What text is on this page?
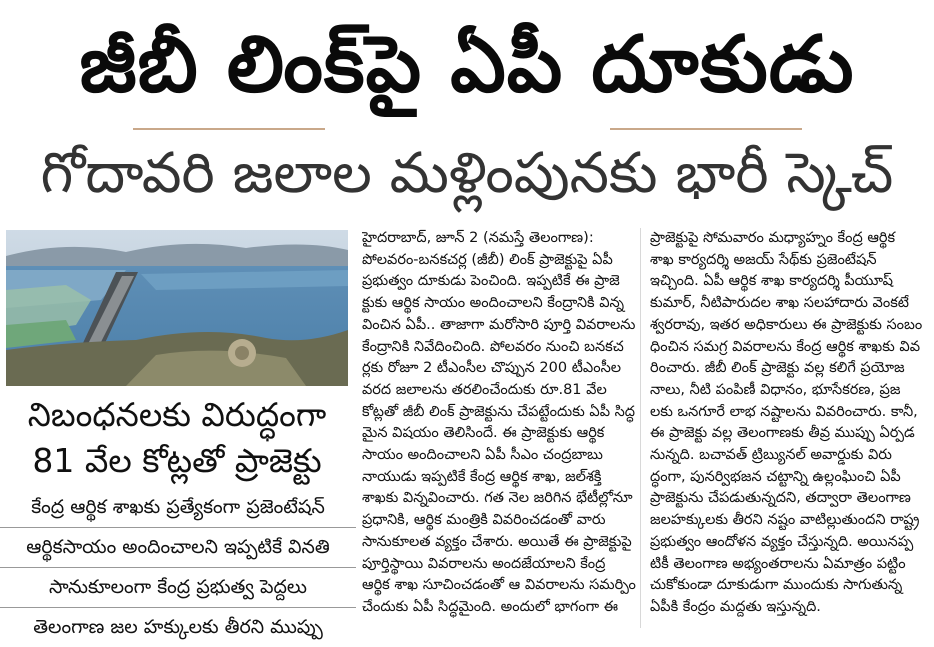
జీబీ లింక్‌పై ఏపీ దూకుడు
గోదావరి జలాల మళ్లింపునకు భారీ స్కెచ్
నిబంధనలకు విరుద్ధంగా
81 వేల కోట్లతో ప్రాజెక్టు
కేంద్ర ఆర్థిక శాఖకు ప్రత్యేకంగా ప్రజెంటేషన్
ఆర్థికసాయం అందించాలని ఇప్పటికే వినతి
సానుకూలంగా కేంద్ర ప్రభుత్వ పెద్దలు
తెలంగాణ జల హక్కులకు తీరని ముప్పు
హైదరాబాద్, జూన్ 2 (నమస్తే తెలంగాణ):
పోలవరం-బనకచర్ల (జీబీ) లింక్ ప్రాజెక్టుపై ఏపీ
ప్రభుత్వం దూకుడు పెంచింది. ఇప్పటికే ఈ ప్రాజె
క్టుకు ఆర్థిక సాయం అందించాలని కేంద్రానికి విన్న
వించిన ఏపీ.. తాజాగా మరోసారి పూర్తి వివరాలను
కేంద్రానికి నివేదించింది. పోలవరం నుంచి బనకచ
ర్లకు రోజూ 2 టీఎంసీల చొప్పున 200 టీఎంసీల
వరద జలాలను తరలించేందుకు రూ.81 వేల
కోట్లతో జీబీ లింక్ ప్రాజెక్టును చేపట్టేందుకు ఏపీ సిద్ధ
మైన విషయం తెలిసిందే. ఈ ప్రాజెక్టుకు ఆర్థిక
సాయం అందించాలని ఏపీ సీఎం చంద్రబాబు
నాయుడు ఇప్పటికే కేంద్ర ఆర్థిక శాఖ, జల్‌శక్తి
శాఖకు విన్నవించారు. గత నెల జరిగిన భేటీల్లోనూ
ప్రధానికి, ఆర్థిక మంత్రికి వివరించడంతో వారు
సానుకూలత వ్యక్తం చేశారు. అయితే ఈ ప్రాజెక్టుపై
పూర్తిస్థాయి వివరాలను అందజేయాలని కేంద్ర
ఆర్థిక శాఖ సూచించడంతో ఆ వివరాలను సమర్పిం
చేందుకు ఏపీ సిద్ధమైంది. అందులో భాగంగా ఈ
ప్రాజెక్టుపై సోమవారం మధ్యాహ్నం కేంద్ర ఆర్థిక
శాఖ కార్యదర్శి అజయ్ సేథ్‌కు ప్రజెంటేషన్
ఇచ్చింది. ఏపీ ఆర్థిక శాఖ కార్యదర్శి పీయూష్
కుమార్, నీటిపారుదల శాఖ సలహాదారు వెంకటే
శ్వరరావు, ఇతర అధికారులు ఈ ప్రాజెక్టుకు సంబం
ధించిన సమగ్ర వివరాలను కేంద్ర ఆర్థిక శాఖకు వివ
రించారు. జీబీ లింక్ ప్రాజెక్టు వల్ల కలిగే ప్రయోజ
నాలు, నీటి పంపిణీ విధానం, భూసేకరణ, ప్రజ
లకు ఒనగూరే లాభ నష్టాలను వివరించారు. కానీ,
ఈ ప్రాజెక్టు వల్ల తెలంగాణకు తీవ్ర ముప్పు ఏర్పడ
నున్నది. బచావత్ ట్రిబ్యునల్ అవార్డుకు విరు
ద్ధంగా, పునర్విభజన చట్టాన్ని ఉల్లంఘించి ఏపీ
ప్రాజెక్టును చేపడుతున్నదని, తద్వారా తెలంగాణ
జలహక్కులకు తీరని నష్టం వాటిల్లుతుందని రాష్ట్ర
ప్రభుత్వం ఆందోళన వ్యక్తం చేస్తున్నది. అయినప్ప
టికీ తెలంగాణ అభ్యంతరాలను ఏమాత్రం పట్టిం
చుకోకుండా దూకుడుగా ముందుకు సాగుతున్న
ఏపీకి కేంద్రం మద్దతు ఇస్తున్నది.
